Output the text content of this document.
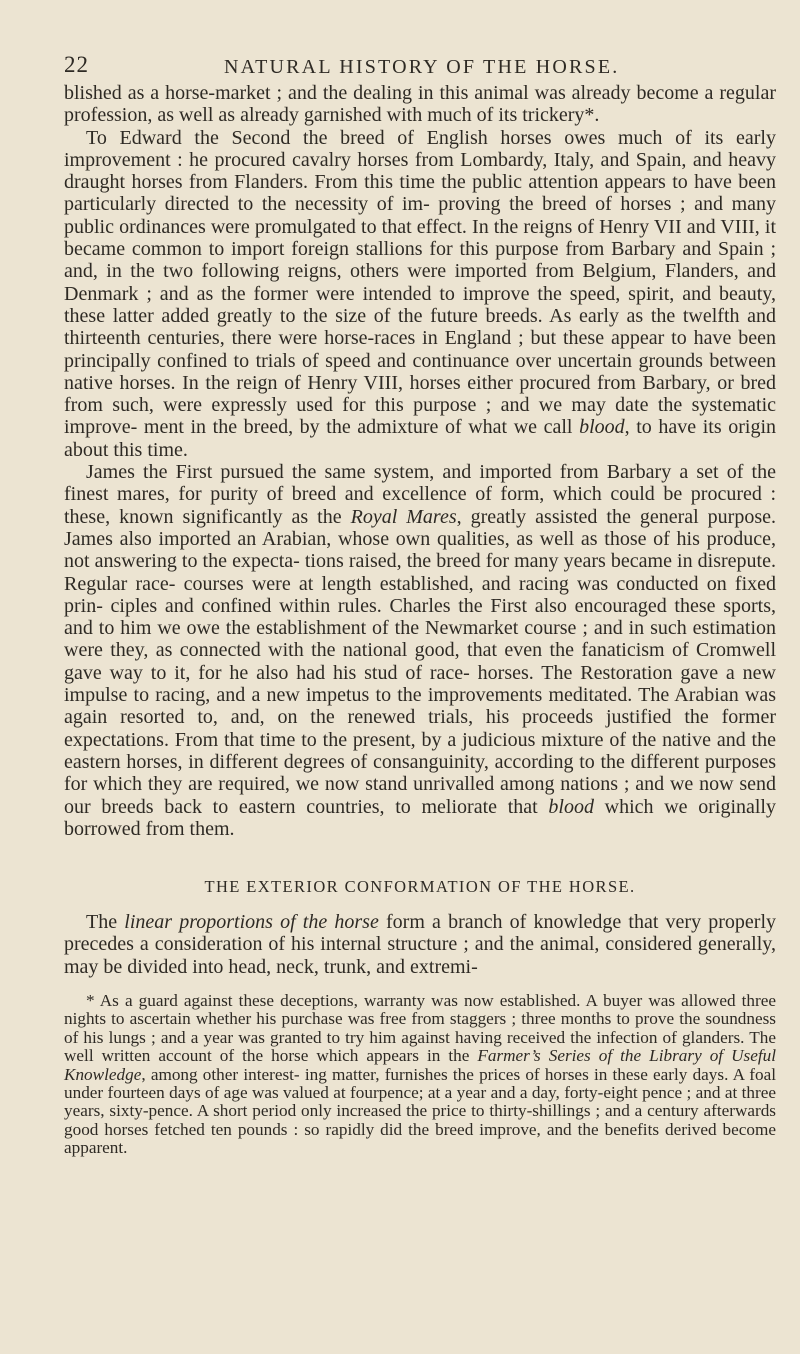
22	NATURAL HISTORY OF THE HORSE.

blished as a horse-market ; and the dealing in this animal was already become a regular profession, as well as already garnished with much of its trickery*.

To Edward the Second the breed of English horses owes much of its early improvement : he procured cavalry horses from Lombardy, Italy, and Spain, and heavy draught horses from Flanders. From this time the public attention appears to have been particularly directed to the necessity of im- proving the breed of horses ; and many public ordinances were promulgated to that effect. In the reigns of Henry VII and VIII, it became common to import foreign stallions for this purpose from Barbary and Spain ; and, in the two following reigns, others were imported from Belgium, Flanders, and Denmark ; and as the former were intended to improve the speed, spirit, and beauty, these latter added greatly to the size of the future breeds. As early as the twelfth and thirteenth centuries, there were horse-races in England ; but these appear to have been principally confined to trials of speed and continuance over uncertain grounds between native horses. In the reign of Henry VIII, horses either procured from Barbary, or bred from such, were expressly used for this purpose ; and we may date the systematic improve- ment in the breed, by the admixture of what we call blood, to have its origin about this time.

James the First pursued the same system, and imported from Barbary a set of the finest mares, for purity of breed and excellence of form, which could be procured : these, known significantly as the Royal Mares, greatly assisted the general purpose. James also imported an Arabian, whose own qualities, as well as those of his produce, not answering to the expecta- tions raised, the breed for many years became in disrepute. Regular race- courses were at length established, and racing was conducted on fixed prin- ciples and confined within rules. Charles the First also encouraged these sports, and to him we owe the establishment of the Newmarket course ; and in such estimation were they, as connected with the national good, that even the fanaticism of Cromwell gave way to it, for he also had his stud of race- horses. The Restoration gave a new impulse to racing, and a new impetus to the improvements meditated. The Arabian was again resorted to, and, on the renewed trials, his proceeds justified the former expectations. From that time to the present, by a judicious mixture of the native and the eastern horses, in different degrees of consanguinity, according to the different purposes for which they are required, we now stand unrivalled among nations ; and we now send our breeds back to eastern countries, to meliorate that blood which we originally borrowed from them.

THE EXTERIOR CONFORMATION OF THE HORSE.

The linear proportions of the horse form a branch of knowledge that very properly precedes a consideration of his internal structure ; and the animal, considered generally, may be divided into head, neck, trunk, and extremi-

* As a guard against these deceptions, warranty was now established. A buyer was allowed three nights to ascertain whether his purchase was free from staggers ; three months to prove the soundness of his lungs ; and a year was granted to try him against having received the infection of glanders. The well written account of the horse which appears in the Farmer’s Series of the Library of Useful Knowledge, among other interest- ing matter, furnishes the prices of horses in these early days. A foal under fourteen days of age was valued at fourpence; at a year and a day, forty-eight pence ; and at three years, sixty-pence. A short period only increased the price to thirty-shillings ; and a century afterwards good horses fetched ten pounds : so rapidly did the breed improve, and the benefits derived become apparent.
